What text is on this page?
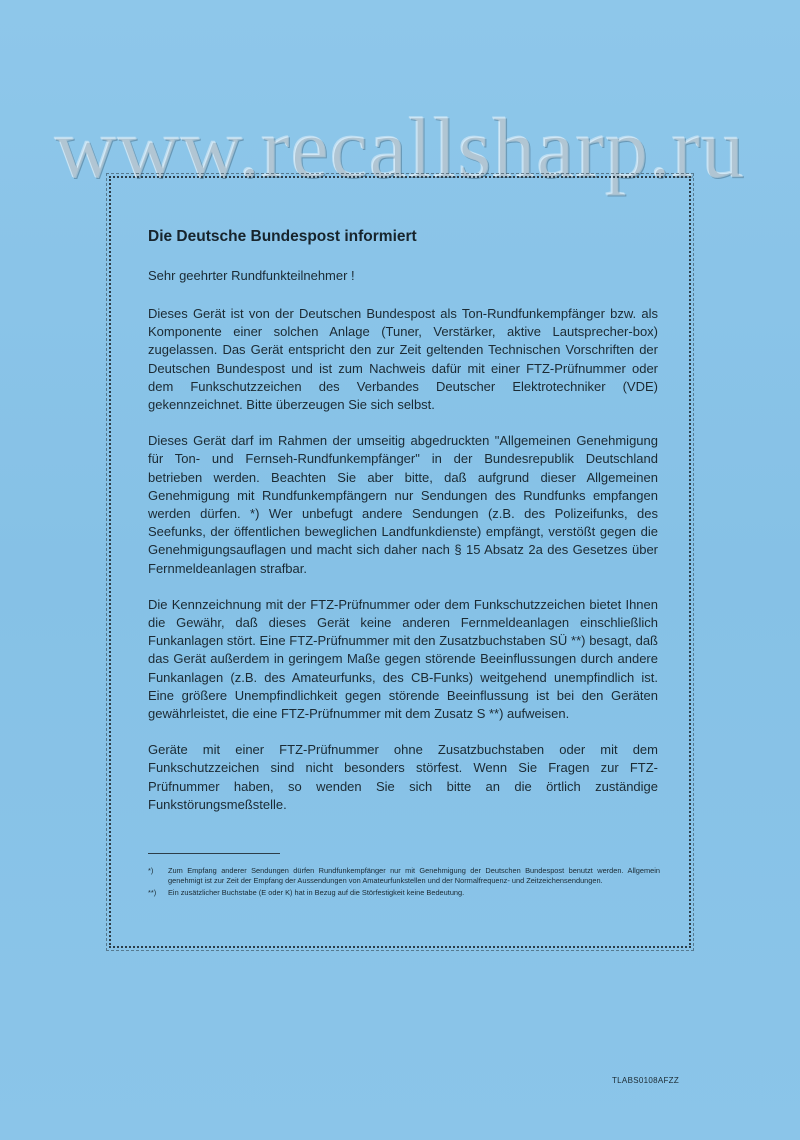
www.recallsharp.ru
Die Deutsche Bundespost informiert

Sehr geehrter Rundfunkteilnehmer !

Dieses Gerät ist von der Deutschen Bundespost als Ton-Rundfunkempfänger bzw. als Komponente einer solchen Anlage (Tuner, Verstärker, aktive Lautsprecher-box) zugelassen. Das Gerät entspricht den zur Zeit geltenden Technischen Vorschriften der Deutschen Bundespost und ist zum Nachweis dafür mit einer FTZ-Prüfnummer oder dem Funkschutzzeichen des Verbandes Deutscher Elektrotechniker (VDE) gekennzeichnet. Bitte überzeugen Sie sich selbst.

Dieses Gerät darf im Rahmen der umseitig abgedruckten "Allgemeinen Genehmigung für Ton- und Fernseh-Rundfunkempfänger" in der Bundesrepublik Deutschland betrieben werden. Beachten Sie aber bitte, daß aufgrund dieser Allgemeinen Genehmigung mit Rundfunkempfängern nur Sendungen des Rundfunks empfangen werden dürfen. *) Wer unbefugt andere Sendungen (z.B. des Polizeifunks, des Seefunks, der öffentlichen beweglichen Landfunkdienste) empfängt, verstößt gegen die Genehmigungsauflagen und macht sich daher nach § 15 Absatz 2a des Gesetzes über Fernmeldeanlagen strafbar.

Die Kennzeichnung mit der FTZ-Prüfnummer oder dem Funkschutzzeichen bietet Ihnen die Gewähr, daß dieses Gerät keine anderen Fernmeldeanlagen einschließlich Funkanlagen stört. Eine FTZ-Prüfnummer mit den Zusatzbuchstaben SÜ **) besagt, daß das Gerät außerdem in geringem Maße gegen störende Beeinflussungen durch andere Funkanlagen (z.B. des Amateurfunks, des CB-Funks) weitgehend unempfindlich ist. Eine größere Unempfindlichkeit gegen störende Beeinflussung ist bei den Geräten gewährleistet, die eine FTZ-Prüfnummer mit dem Zusatz S **) aufweisen.

Geräte mit einer FTZ-Prüfnummer ohne Zusatzbuchstaben oder mit dem Funkschutzzeichen sind nicht besonders störfest. Wenn Sie Fragen zur FTZ-Prüfnummer haben, so wenden Sie sich bitte an die örtlich zuständige Funkstörungsmeßstelle.

*)	Zum Empfang anderer Sendungen dürfen Rundfunkempfänger nur mit Genehmigung der Deutschen Bundespost benutzt werden. Allgemein genehmigt ist zur Zeit der Empfang der Aussendungen von Amateurfunkstellen und der Normalfrequenz- und Zeitzeichensendungen.
**)	Ein zusätzlicher Buchstabe (E oder K) hat in Bezug auf die Störfestigkeit keine Bedeutung.
TLABS0108AFZZ
